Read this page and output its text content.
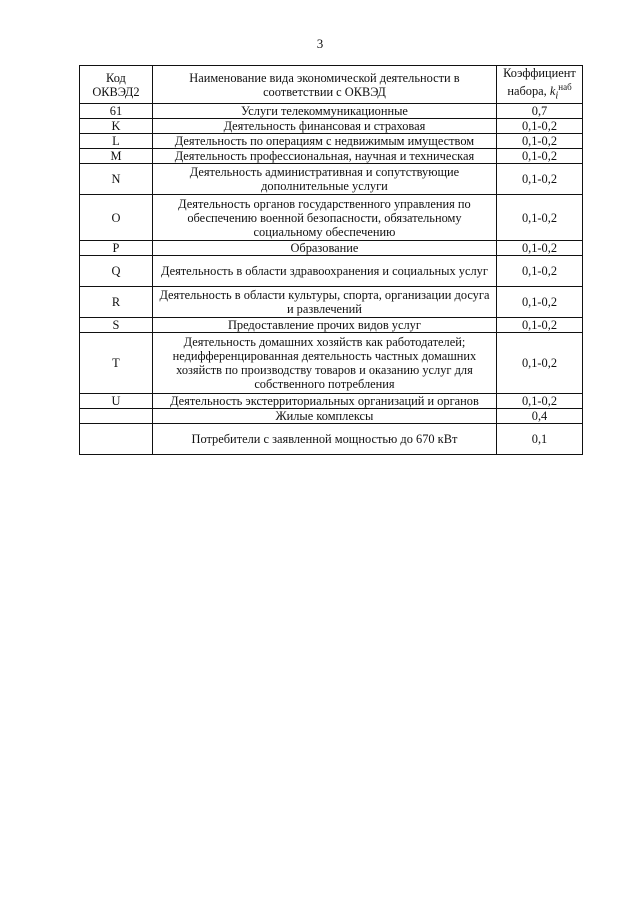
3
Код ОКВЭД2	Наименование вида экономической деятельности в соответствии с ОКВЭД	Коэффициент набора, $k_i^{наб}$
61	Услуги телекоммуникационные	0,7
K	Деятельность финансовая и страховая	0,1-0,2
L	Деятельность по операциям с недвижимым имуществом	0,1-0,2
M	Деятельность профессиональная, научная и техническая	0,1-0,2
N	Деятельность административная и сопутствующие дополнительные услуги	0,1-0,2
O	Деятельность органов государственного управления по обеспечению военной безопасности, обязательному социальному обеспечению	0,1-0,2
P	Образование	0,1-0,2
Q	Деятельность в области здравоохранения и социальных услуг	0,1-0,2
R	Деятельность в области культуры, спорта, организации досуга и развлечений	0,1-0,2
S	Предоставление прочих видов услуг	0,1-0,2
T	Деятельность домашних хозяйств как работодателей; недифференцированная деятельность частных домашних хозяйств по производству товаров и оказанию услуг для собственного потребления	0,1-0,2
U	Деятельность экстерриториальных организаций и органов	0,1-0,2
	Жилые комплексы	0,4
	Потребители с заявленной мощностью до 670 кВт	0,1
